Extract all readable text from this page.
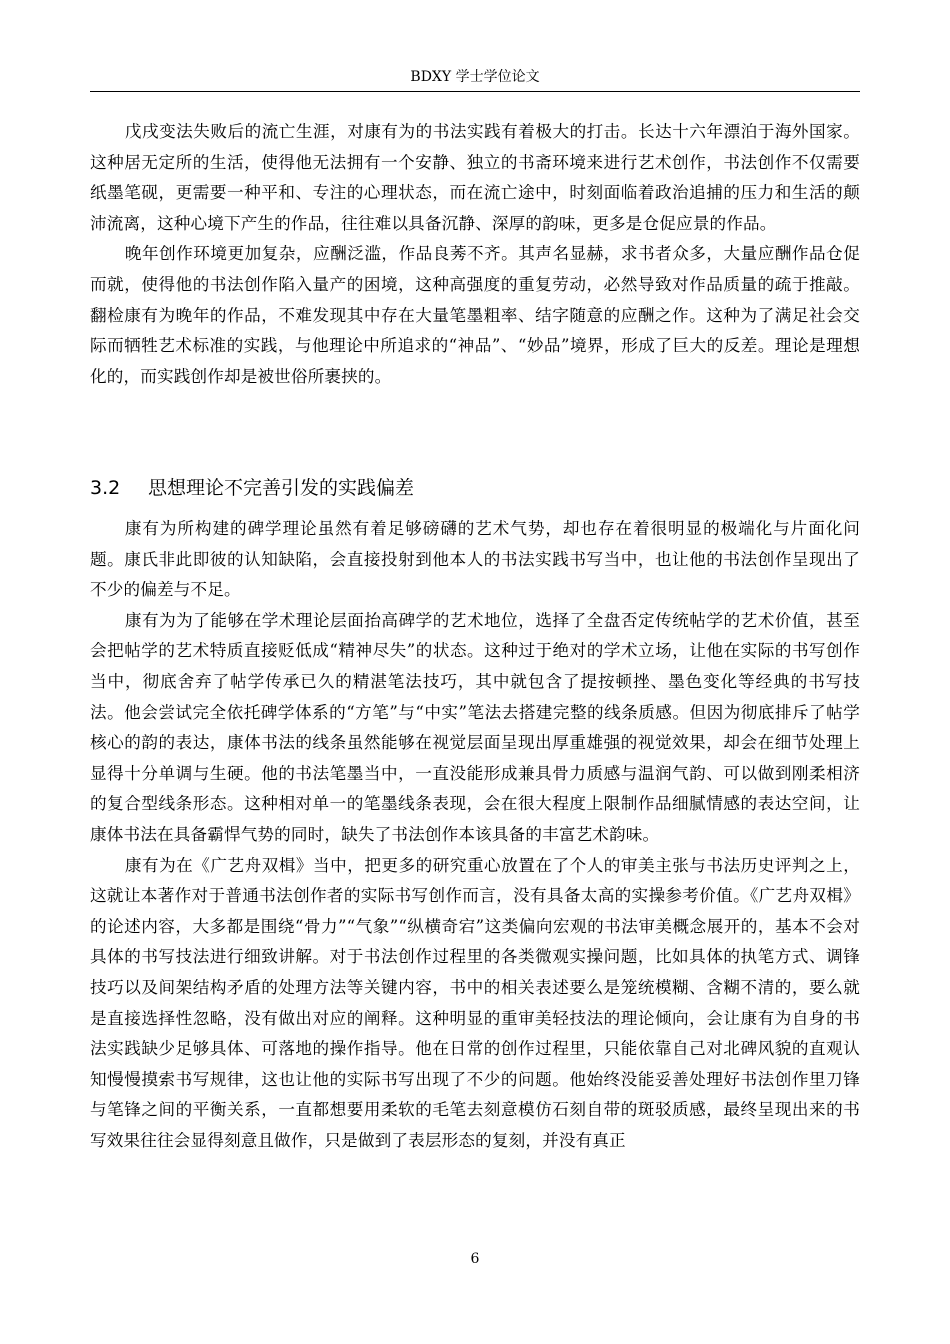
BDXY 学士学位论文

戊戌变法失败后的流亡生涯，对康有为的书法实践有着极大的打击。长达十六年漂泊于海外国家。这种居无定所的生活，使得他无法拥有一个安静、独立的书斋环境来进行艺术创作，书法创作不仅需要纸墨笔砚，更需要一种平和、专注的心理状态，而在流亡途中，时刻面临着政治追捕的压力和生活的颠沛流离，这种心境下产生的作品，往往难以具备沉静、深厚的韵味，更多是仓促应景的作品。

晚年创作环境更加复杂，应酬泛滥，作品良莠不齐。其声名显赫，求书者众多，大量应酬作品仓促而就，使得他的书法创作陷入量产的困境，这种高强度的重复劳动，必然导致对作品质量的疏于推敲。翻检康有为晚年的作品，不难发现其中存在大量笔墨粗率、结字随意的应酬之作。这种为了满足社会交际而牺牲艺术标准的实践，与他理论中所追求的“神品”、“妙品”境界，形成了巨大的反差。理论是理想化的，而实践创作却是被世俗所裹挟的。

3.2 思想理论不完善引发的实践偏差

康有为所构建的碑学理论虽然有着足够磅礴的艺术气势，却也存在着很明显的极端化与片面化问题。康氏非此即彼的认知缺陷，会直接投射到他本人的书法实践书写当中，也让他的书法创作呈现出了不少的偏差与不足。

康有为为了能够在学术理论层面抬高碑学的艺术地位，选择了全盘否定传统帖学的艺术价值，甚至会把帖学的艺术特质直接贬低成“精神尽失”的状态。这种过于绝对的学术立场，让他在实际的书写创作当中，彻底舍弃了帖学传承已久的精湛笔法技巧，其中就包含了提按顿挫、墨色变化等经典的书写技法。他会尝试完全依托碑学体系的“方笔”与“中实”笔法去搭建完整的线条质感。但因为彻底排斥了帖学核心的韵的表达，康体书法的线条虽然能够在视觉层面呈现出厚重雄强的视觉效果，却会在细节处理上显得十分单调与生硬。他的书法笔墨当中，一直没能形成兼具骨力质感与温润气韵、可以做到刚柔相济的复合型线条形态。这种相对单一的笔墨线条表现，会在很大程度上限制作品细腻情感的表达空间，让康体书法在具备霸悍气势的同时，缺失了书法创作本该具备的丰富艺术韵味。

康有为在《广艺舟双楫》当中，把更多的研究重心放置在了个人的审美主张与书法历史评判之上，这就让本著作对于普通书法创作者的实际书写创作而言，没有具备太高的实操参考价值。《广艺舟双楫》的论述内容，大多都是围绕“骨力”“气象”“纵横奇宕”这类偏向宏观的书法审美概念展开的，基本不会对具体的书写技法进行细致讲解。对于书法创作过程里的各类微观实操问题，比如具体的执笔方式、调锋技巧以及间架结构矛盾的处理方法等关键内容，书中的相关表述要么是笼统模糊、含糊不清的，要么就是直接选择性忽略，没有做出对应的阐释。这种明显的重审美轻技法的理论倾向，会让康有为自身的书法实践缺少足够具体、可落地的操作指导。他在日常的创作过程里，只能依靠自己对北碑风貌的直观认知慢慢摸索书写规律，这也让他的实际书写出现了不少的问题。他始终没能妥善处理好书法创作里刀锋与笔锋之间的平衡关系，一直都想要用柔软的毛笔去刻意模仿石刻自带的斑驳质感，最终呈现出来的书写效果往往会显得刻意且做作，只是做到了表层形态的复刻，并没有真正

6
